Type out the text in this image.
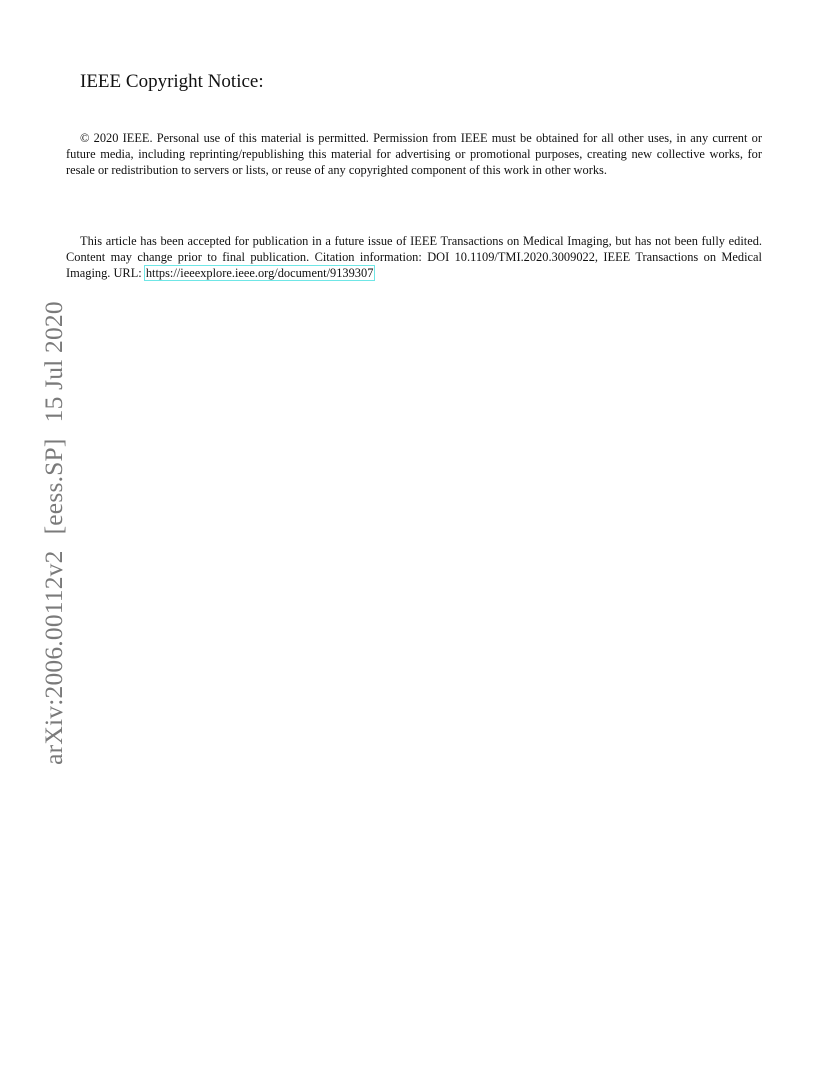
IEEE Copyright Notice:

© 2020 IEEE. Personal use of this material is permitted. Permission from IEEE must be obtained for all other uses, in any current or future media, including reprinting/republishing this material for advertising or promotional purposes, creating new collective works, for resale or redistribution to servers or lists, or reuse of any copyrighted component of this work in other works.

This article has been accepted for publication in a future issue of IEEE Transactions on Medical Imaging, but has not been fully edited. Content may change prior to final publication. Citation information: DOI 10.1109/TMI.2020.3009022, IEEE Transactions on Medical Imaging. URL: https://ieeexplore.ieee.org/document/9139307

arXiv:2006.00112v2[eess.SP]15 Jul 2020
